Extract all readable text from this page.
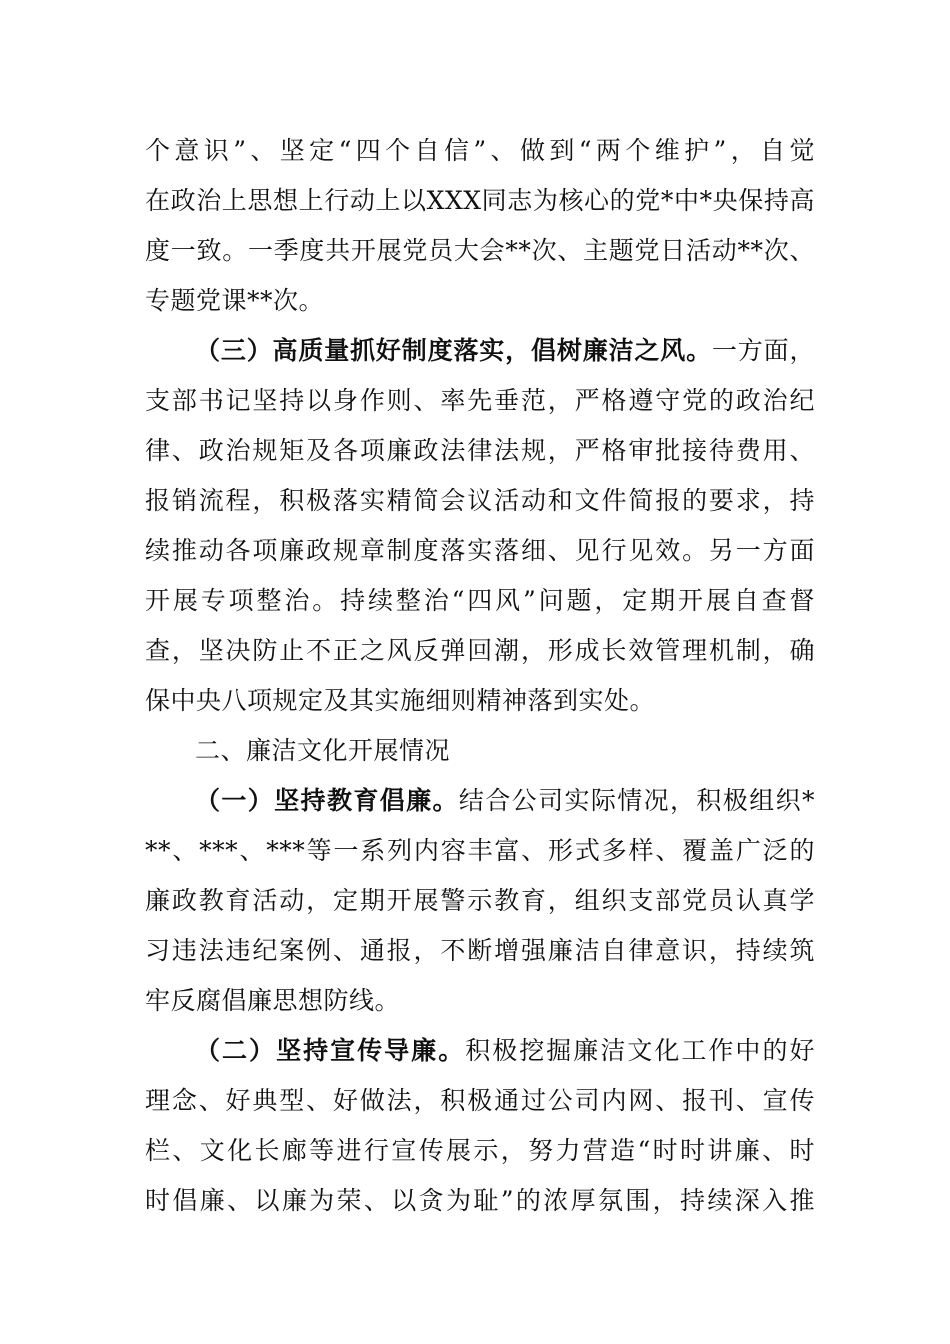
个意识”、坚定“四个自信”、做到“两个维护”，自觉
在政治上思想上行动上以XXX同志为核心的党*中*央保持高
度一致。一季度共开展党员大会**次、主题党日活动**次、
专题党课**次。
（三）高质量抓好制度落实，倡树廉洁之风。一方面，
支部书记坚持以身作则、率先垂范，严格遵守党的政治纪
律、政治规矩及各项廉政法律法规，严格审批接待费用、
报销流程，积极落实精简会议活动和文件简报的要求，持
续推动各项廉政规章制度落实落细、见行见效。另一方面
开展专项整治。持续整治“四风”问题，定期开展自查督
查，坚决防止不正之风反弹回潮，形成长效管理机制，确
保中央八项规定及其实施细则精神落到实处。
二、廉洁文化开展情况
（一）坚持教育倡廉。结合公司实际情况，积极组织*
**、***、***等一系列内容丰富、形式多样、覆盖广泛的
廉政教育活动，定期开展警示教育，组织支部党员认真学
习违法违纪案例、通报，不断增强廉洁自律意识，持续筑
牢反腐倡廉思想防线。
（二）坚持宣传导廉。积极挖掘廉洁文化工作中的好
理念、好典型、好做法，积极通过公司内网、报刊、宣传
栏、文化长廊等进行宣传展示，努力营造“时时讲廉、时
时倡廉、以廉为荣、以贪为耻”的浓厚氛围，持续深入推
